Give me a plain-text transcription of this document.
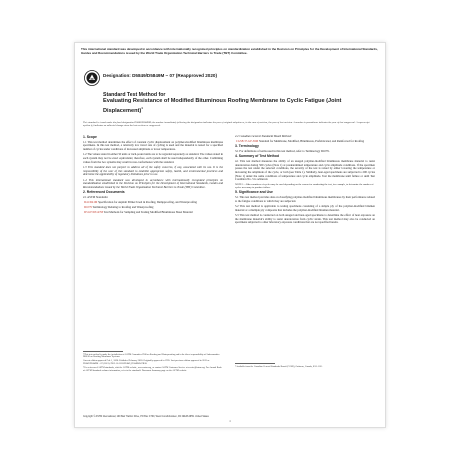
This international standard was developed in accordance with internationally recognized principles on standardization established in the Decision on Principles for the Development of International Standards, Guides and Recommendations issued by the World Trade Organization Technical Barriers to Trade (TBT) Committee.
Designation: D5849/D5849M − 07 (Reapproved 2020)
Standard Test Method for
Evaluating Resistance of Modified Bituminous Roofing Membrane to Cyclic Fatigue (Joint Displacement)$^1$
This standard is issued under the fixed designation D5849/D5849M; the number immediately following the designation indicates the year of original adoption or, in the case of revision, the year of last revision. A number in parentheses indicates the year of last reapproval. A superscript epsilon (ε) indicates an editorial change since the last revision or reapproval.
1. Scope

1.1 This test method determines the effect of constant cyclic displacement on polymer-modified bituminous membrane specimens. In this test method, a relatively low travel rate of cycling is used and the material is tested for a specified number of cycles under conditions of increased amplitude or lower temperature.

1.2 The values stated in either SI units or inch-pound units are to be regarded separately as standard. The values stated in each system may not be exact equivalents; therefore, each system shall be used independently of the other. Combining values from the two systems may result in non-conformance with the standard.

1.3 This standard does not purport to address all of the safety concerns, if any, associated with its use. It is the responsibility of the user of this standard to establish appropriate safety, health, and environmental practices and determine the applicability of regulatory limitations prior to use.

1.4 This international standard was developed in accordance with internationally recognized principles on standardization established in the Decision on Principles for the Development of International Standards, Guides and Recommendations issued by the World Trade Organization Technical Barriers to Trade (TBT) Committee.

2. Referenced Documents

2.1 ASTM Standards:

D41/D41M Specification for Asphalt Primer Used in Roofing, Dampproofing, and Waterproofing

D1079 Terminology Relating to Roofing and Waterproofing

D5147/D5147M Test Methods for Sampling and Testing Modified Bituminous Sheet Material

¹ This test method is under the jurisdiction of ASTM Committee D08 on Roofing and Waterproofing and is the direct responsibility of Subcommittee D08.20 on Roofing Membrane Systems.

Current edition approved Feb. 1, 2020. Published February 2020. Originally approved in 1995. Last previous edition approved in 2013 as D5849/D5849M – 07 (2013). DOI: 10.1520/D5849_D5849M-07R20.

² For referenced ASTM standards, visit the ASTM website, www.astm.org, or contact ASTM Customer Service at service@astm.org. For Annual Book of ASTM Standards volume information, refer to the standard's Document Summary page on the ASTM website.

2.2 Canadian General Standards Board Method:

CGSB 37-GP-56M Standard for Membrane, Modified, Bituminous, Prefabricated, and Reinforced for Roofing

3. Terminology

3.1 For definitions of terms used in this test method, refer to Terminology D1079.

4. Summary of Test Method

4.1 This test method measures the ability of an unaged polymer-modified bituminous membrane material to resist deterioration during 500 cycles (Note 1) at predetermined temperature and cycle amplitude conditions. If the specimen passes the test under the selected conditions, the severity of the test is raised by either lowering the temperature or increasing the amplitude of the cycle, or both (see Table 1). Similarly, heat-aged specimens are subjected to 200 cycles (Note 1) under the same conditions of temperature and cycle amplitude. Test the membrane until failure or until Test Condition No. 5 is achieved.

NOTE 1—Other numbers of cycles may be used depending on the reason for conducting the test, for example, to determine the number of cycles necessary to produce failure.

5. Significance and Use

5.1 This test method provides data on classifying polymer-modified bituminous membranes by their performance related to the fatigue conditions to which they are subjected.

5.2 This test method is applicable to testing specimens consisting of a simple ply of the polymer-modified bitumen material or a multiple ply composite that includes the polymer-modified bitumen material.

5.3 This test method is conducted on both unaged and heat-aged specimens to determine the effect of heat exposure on the membrane material's ability to resist deterioration from cyclic strain. This test method may also be conducted on specimens subjected to other laboratory exposure conditions that are not specified herein.

³ Available from the Canadian General Standards Board (CGSB), Gatineau, Canada, K1A 1G6.

Copyright © ASTM International, 100 Barr Harbor Drive, PO Box C700, West Conshohocken, PA 19428-2959. United States
1
